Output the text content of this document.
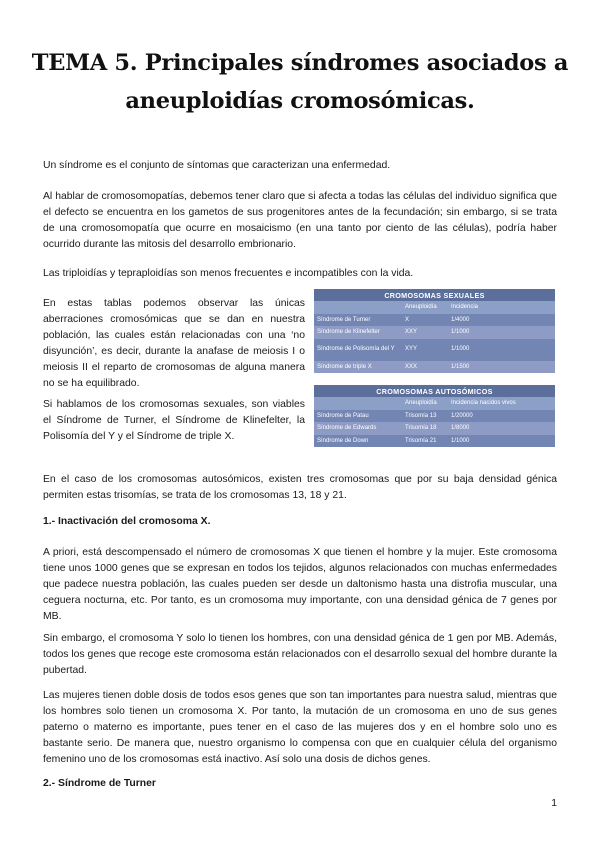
TEMA 5. Principales síndromes asociados a aneuploidías cromosómicas.

Un síndrome es el conjunto de síntomas que caracterizan una enfermedad.

Al hablar de cromosomopatías, debemos tener claro que si afecta a todas las células del individuo significa que el defecto se encuentra en los gametos de sus progenitores antes de la fecundación; sin embargo, si se trata de una cromosomopatía que ocurre en mosaicismo (en una tanto por ciento de las células), podría haber ocurrido durante las mitosis del desarrollo embrionario.

Las triploidías y tepraploidías son menos frecuentes e incompatibles con la vida.

En estas tablas podemos observar las únicas aberraciones cromosómicas que se dan en nuestra población, las cuales están relacionadas con una ‘no disyunción’, es decir, durante la anafase de meiosis I o meiosis II el reparto de cromosomas de alguna manera no se ha equilibrado.

Si hablamos de los cromosomas sexuales, son viables el Síndrome de Turner, el Síndrome de Klinefelter, la Polisomía del Y y el Síndrome de triple X.

En el caso de los cromosomas autosómicos, existen tres cromosomas que por su baja densidad génica permiten estas trisomías, se trata de los cromosomas 13, 18 y 21.

1.- Inactivación del cromosoma X.

A priori, está descompensado el número de cromosomas X que tienen el hombre y la mujer. Este cromosoma tiene unos 1000 genes que se expresan en todos los tejidos, algunos relacionados con muchas enfermedades que padece nuestra población, las cuales pueden ser desde un daltonismo hasta una distrofia muscular, una ceguera nocturna, etc. Por tanto, es un cromosoma muy importante, con una densidad génica de 7 genes por MB.

Sin embargo, el cromosoma Y solo lo tienen los hombres, con una densidad génica de 1 gen por MB. Además, todos los genes que recoge este cromosoma están relacionados con el desarrollo sexual del hombre durante la pubertad.

Las mujeres tienen doble dosis de todos esos genes que son tan importantes para nuestra salud, mientras que los hombres solo tienen un cromosoma X. Por tanto, la mutación de un cromosoma en uno de sus genes paterno o materno es importante, pues tener en el caso de las mujeres dos y en el hombre solo uno es bastante serio. De manera que, nuestro organismo lo compensa con que en cualquier célula del organismo femenino uno de los cromosomas está inactivo. Así solo una dosis de dichos genes.

2.- Síndrome de Turner

CROMOSOMAS SEXUALES		
	Aneuploidía	Incidencia
Síndrome de Turner	X	1/4000
Síndrome de Klinefelter	XXY	1/1000
Síndrome de Polisomía del Y	XYY	1/1000
Síndrome de triple X	XXX	1/1500
CROMOSOMAS AUTOSÓMICOS		
	Aneuploidía	Incidencia nacidos vivos
Síndrome de Patau	Trisomía 13	1/20000
Síndrome de Edwards	Trisomía 18	1/8000
Síndrome de Down	Trisomía 21	1/1000
1
